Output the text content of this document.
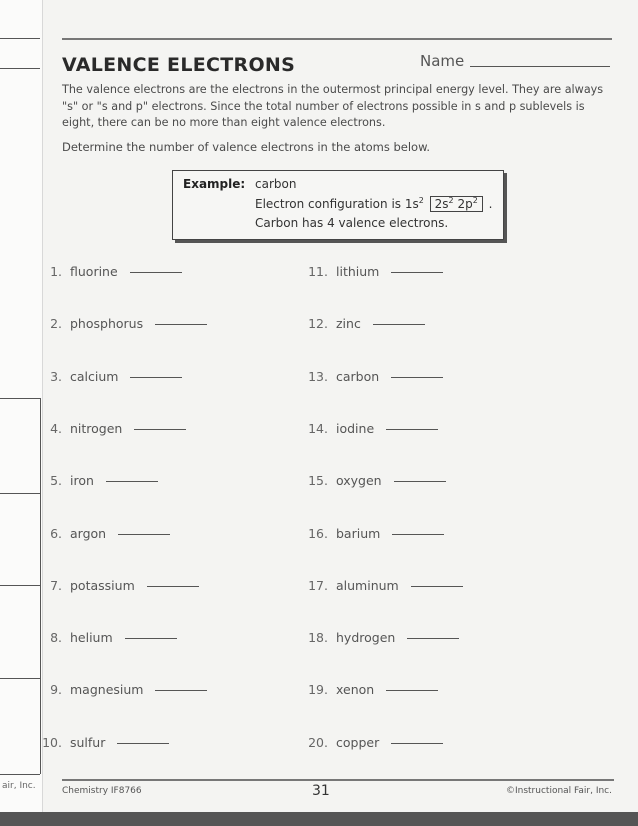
air, Inc.
VALENCE ELECTRONS	Name
The valence electrons are the electrons in the outermost principal energy level. They are always "s" or "s and p" electrons. Since the total number of electrons possible in s and p sublevels is eight, there can be no more than eight valence electrons.
Determine the number of valence electrons in the atoms below.
Example: carbon
Electron configuration is $1s^2$ $2s^2$ $2p^2$ .
Carbon has 4 valence electrons.
1. fluorine
2. phosphorus
3. calcium
4. nitrogen
5. iron
6. argon
7. potassium
8. helium
9. magnesium
10. sulfur
11. lithium
12. zinc
13. carbon
14. iodine
15. oxygen
16. barium
17. aluminum
18. hydrogen
19. xenon
20. copper
Chemistry IF8766	31	©Instructional Fair, Inc.
